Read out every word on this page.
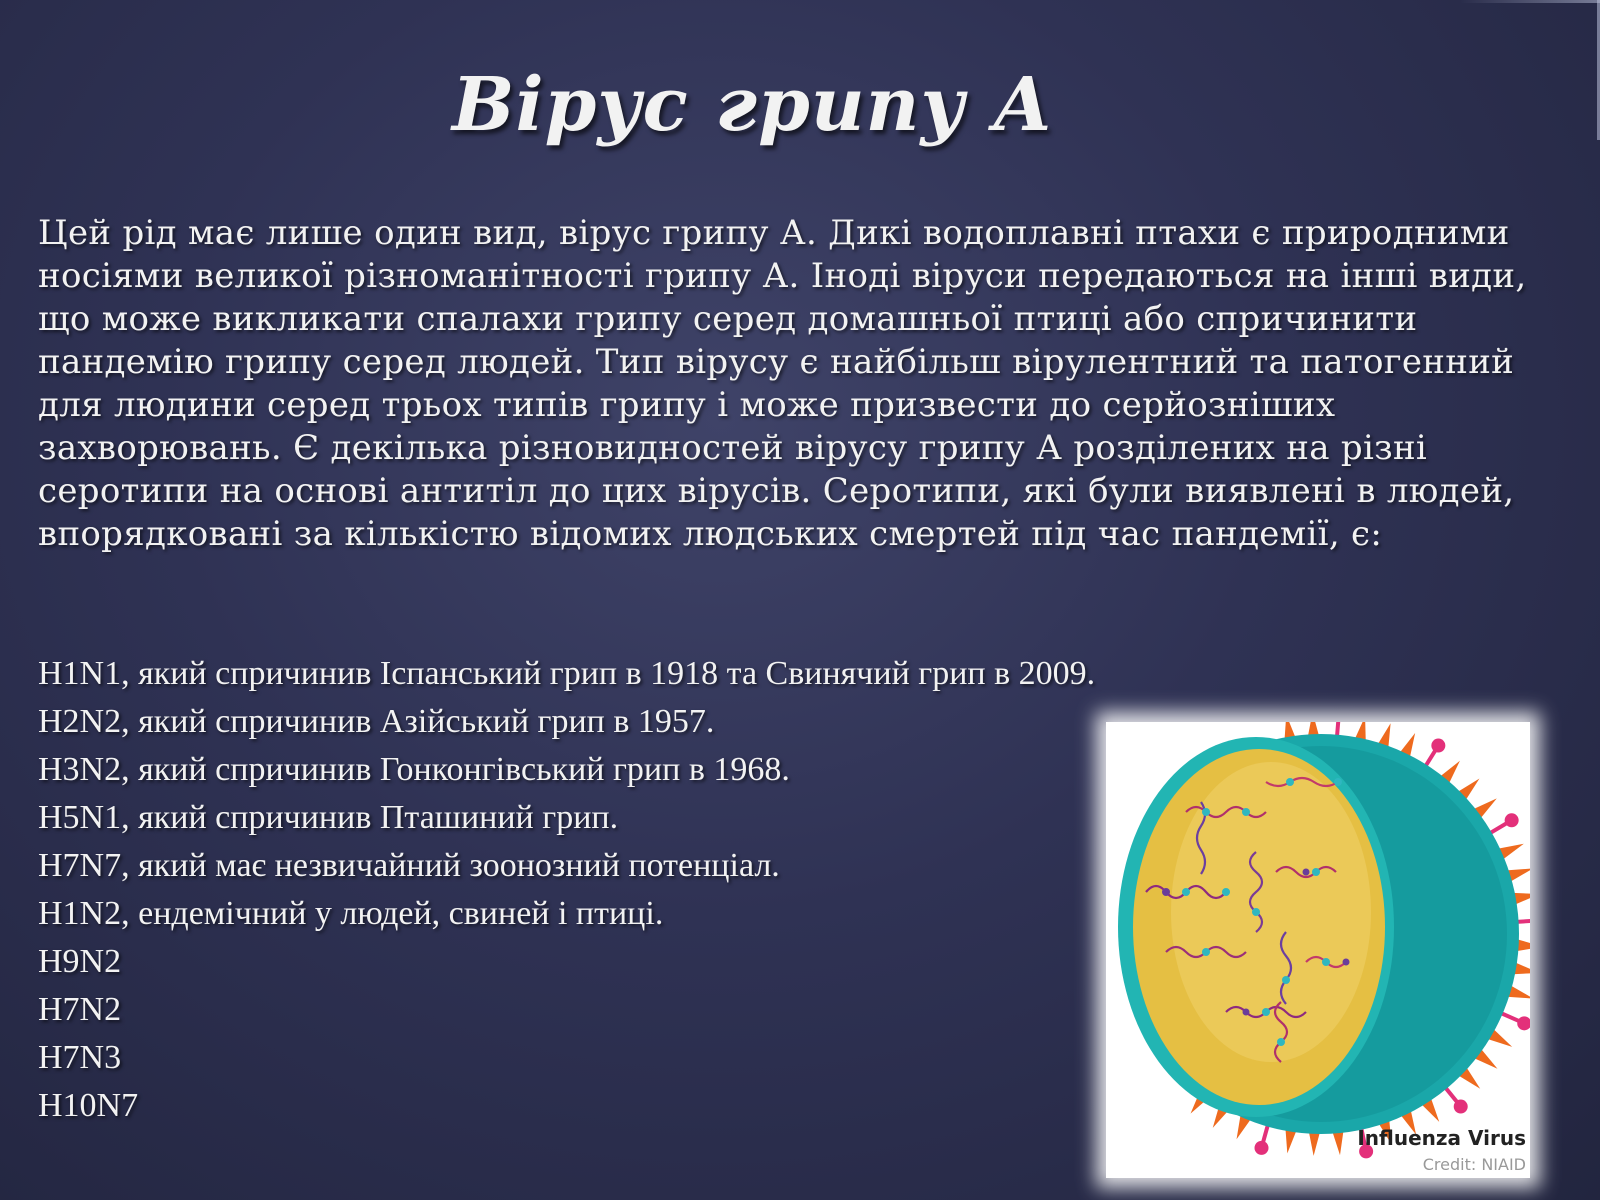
Вірус грипу А
Цей рід має лише один вид, вірус грипу А. Дикі водоплавні птахи є природними носіями великої різноманітності грипу А. Іноді віруси передаються на інші види, що може викликати спалахи грипу серед домашньої птиці або спричинити пандемію грипу серед людей. Тип вірусу є найбільш вірулентний та патогенний для людини серед трьох типів грипу і може призвести до серйозніших захворювань. Є декілька різновидностей вірусу грипу А розділених на різні серотипи на основі антитіл до цих вірусів. Серотипи, які були виявлені в людей, впорядковані за кількістю відомих людських смертей під час пандемії, є:
H1N1, який спричинив Іспанський грип в 1918 та Свинячий грип в 2009.
H2N2, який спричинив Азійський грип в 1957.
H3N2, який спричинив Гонконгівський грип в 1968.
H5N1, який спричинив Пташиний грип.
H7N7, який має незвичайний зоонозний потенціал.
H1N2, ендемічний у людей, свиней і птиці.
H9N2
H7N2
H7N3
H10N7
Influenza Virus
Credit: NIAID
